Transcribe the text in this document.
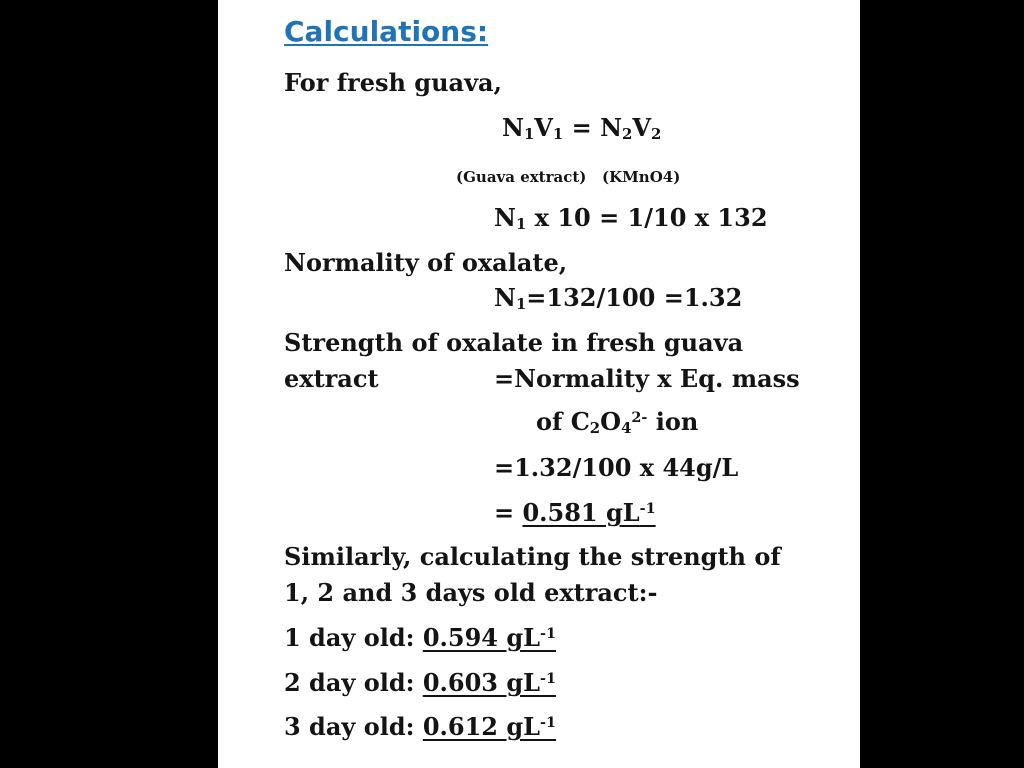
Calculations:
For fresh guava,
$N_1V_1 = N_2V_2$
(Guava extract)   (KMnO4)
$N_1$ x 10 = 1/10 x 132
Normality of oxalate,
$N_1=132/100 =1.32$
Strength of oxalate in fresh guava
extract	=Normality x Eq. mass
of $C_2O_4^{2-}$ ion
=1.32/100 x 44g/L
= 0.581 $gL^{-1}$
Similarly, calculating the strength of
1, 2 and 3 days old extract:-
1 day old: 0.594 $gL^{-1}$
2 day old: 0.603 $gL^{-1}$
3 day old: 0.612 $gL^{-1}$
